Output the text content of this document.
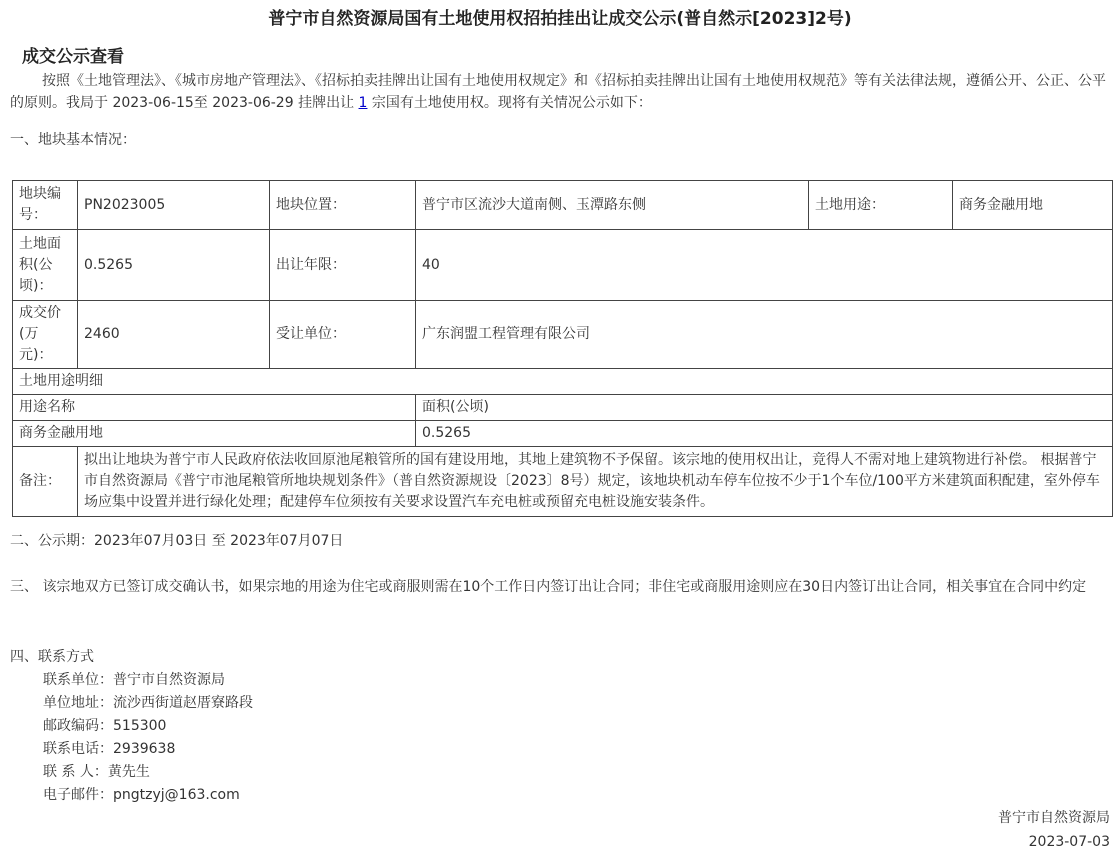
普宁市自然资源局国有土地使用权招拍挂出让成交公示(普自然示[2023]2号)
成交公示查看
按照《土地管理法》、《城市房地产管理法》、《招标拍卖挂牌出让国有土地使用权规定》和《招标拍卖挂牌出让国有土地使用权规范》等有关法律法规，遵循公开、公正、公平的原则。我局于 2023-06-15至 2023-06-29 挂牌出让 1 宗国有土地使用权。现将有关情况公示如下：
一、地块基本情况：
地块编号：	PN2023005	地块位置：	普宁市区流沙大道南侧、玉潭路东侧	土地用途：	商务金融用地
土地面积(公顷)：	0.5265	出让年限：	40		
成交价(万元)：	2460	受让单位：	广东润盟工程管理有限公司		
土地用途明细					
用途名称			面积(公顷)		
商务金融用地			0.5265		
备注：	拟出让地块为普宁市人民政府依法收回原池尾粮管所的国有建设用地，其地上建筑物不予保留。该宗地的使用权出让，竞得人不需对地上建筑物进行补偿。 根据普宁市自然资源局《普宁市池尾粮管所地块规划条件》（普自然资源规设〔2023〕8号）规定，该地块机动车停车位按不少于1个车位/100平方米建筑面积配建，室外停车场应集中设置并进行绿化处理；配建停车位须按有关要求设置汽车充电桩或预留充电桩设施安装条件。				
二、公示期：2023年07月03日 至 2023年07月07日
三、 该宗地双方已签订成交确认书，如果宗地的用途为住宅或商服则需在10个工作日内签订出让合同；非住宅或商服用途则应在30日内签订出让合同，相关事宜在合同中约定
四、联系方式
联系单位：普宁市自然资源局
单位地址：流沙西街道赵厝寮路段
邮政编码：515300
联系电话：2939638
联 系 人：黄先生
电子邮件：pngtzyj@163.com
普宁市自然资源局
2023-07-03
